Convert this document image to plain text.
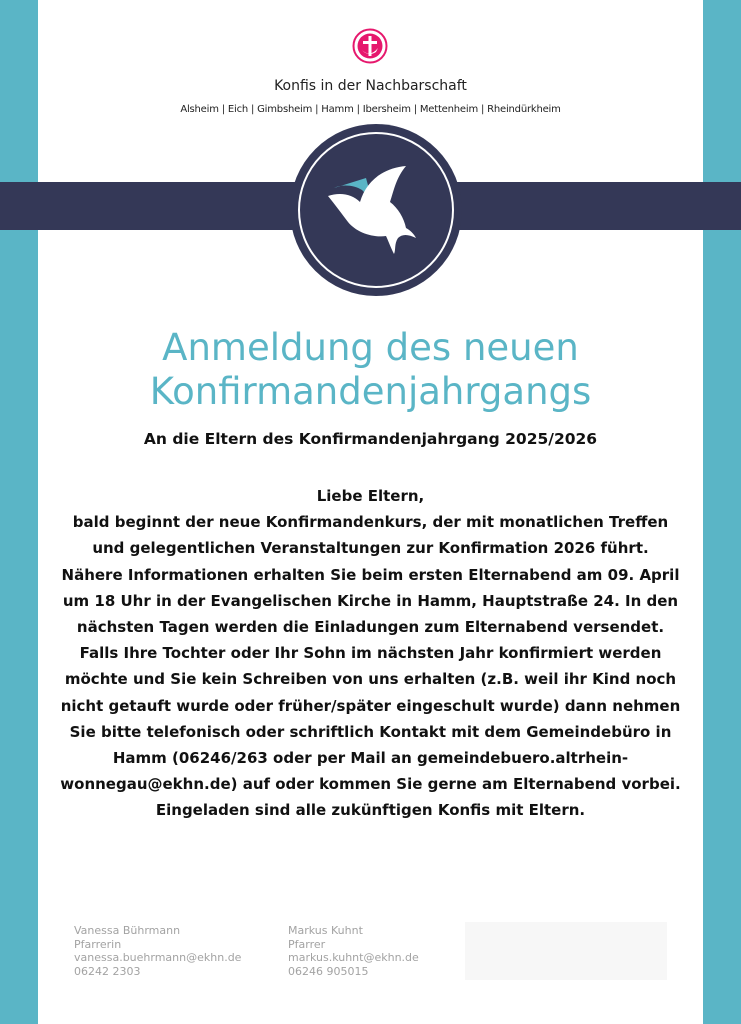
Konfis in der Nachbarschaft
Alsheim | Eich | Gimbsheim | Hamm | Ibersheim | Mettenheim | Rheindürkheim
Anmeldung des neuen
Konfirmandenjahrgangs
An die Eltern des Konfirmandenjahrgang 2025/2026

Liebe Eltern,

bald beginnt der neue Konfirmandenkurs, der mit monatlichen Treffen und gelegentlichen Veranstaltungen zur Konfirmation 2026 führt.

Nähere Informationen erhalten Sie beim ersten Elternabend am 09. April um 18 Uhr in der Evangelischen Kirche in Hamm, Hauptstraße 24. In den nächsten Tagen werden die Einladungen zum Elternabend versendet.

Falls Ihre Tochter oder Ihr Sohn im nächsten Jahr konfirmiert werden möchte und Sie kein Schreiben von uns erhalten (z.B. weil ihr Kind noch nicht getauft wurde oder früher/später eingeschult wurde) dann nehmen Sie bitte telefonisch oder schriftlich Kontakt mit dem Gemeindebüro in Hamm (06246/263 oder per Mail an gemeindebuero.altrhein-wonnegau@ekhn.de) auf oder kommen Sie gerne am Elternabend vorbei. Eingeladen sind alle zukünftigen Konfis mit Eltern.

Vanessa Bührmann
Pfarrerin
vanessa.buehrmann@ekhn.de
06242 2303
Markus Kuhnt
Pfarrer
markus.kuhnt@ekhn.de
06246 905015
